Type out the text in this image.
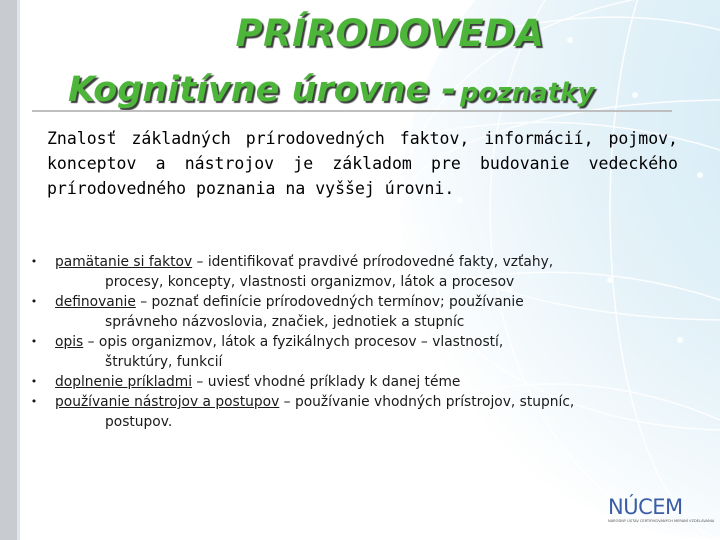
PRÍRODOVEDA
Kognitívne úrovne - poznatky
Znalosť základných prírodovedných faktov, informácií, pojmov, konceptov a nástrojov je základom pre budovanie vedeckého prírodovedného poznania na vyššej úrovni.
• pamätanie si faktov – identifikovať pravdivé prírodovedné fakty, vzťahy,
procesy, koncepty, vlastnosti organizmov, látok a procesov
• definovanie – poznať definície prírodovedných termínov; používanie
správneho názvoslovia, značiek, jednotiek a stupníc
• opis – opis organizmov, látok a fyzikálnych procesov – vlastností,
štruktúry, funkcií
• doplnenie príkladmi – uviesť vhodné príklady k danej téme
• používanie nástrojov a postupov – používanie vhodných prístrojov, stupníc,
postupov.
NÚCEM
NÁRODNÝ ÚSTAV CERTIFIKOVANÝCH MERANÍ VZDELÁVANIA
